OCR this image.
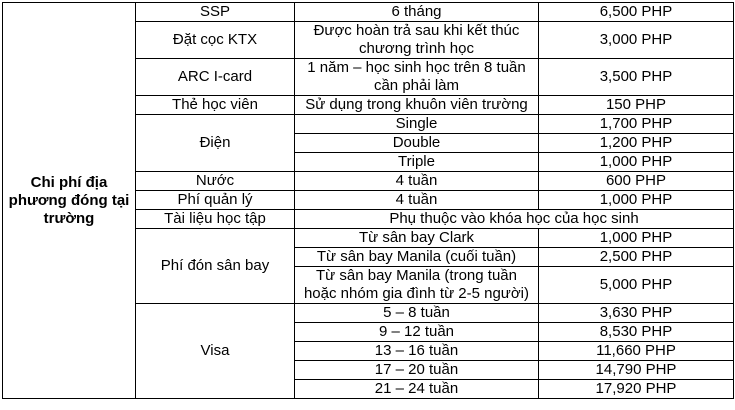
Chi phí địa phương đóng tại trường	SSP	6 tháng	6,500 PHP
	Đặt cọc KTX	Được hoàn trả sau khi kết thúc chương trình học	3,000 PHP
	ARC I-card	1 năm – học sinh học trên 8 tuần cần phải làm	3,500 PHP
	Thẻ học viên	Sử dụng trong khuôn viên trường	150 PHP
	Điện	Single	1,700 PHP
		Double	1,200 PHP
		Triple	1,000 PHP
	Nước	4 tuần	600 PHP
	Phí quản lý	4 tuần	1,000 PHP
	Tài liệu học tập	Phụ thuộc vào khóa học của học sinh	
	Phí đón sân bay	Từ sân bay Clark	1,000 PHP
		Từ sân bay Manila (cuối tuần)	2,500 PHP
		Từ sân bay Manila (trong tuần hoặc nhóm gia đình từ 2-5 người)	5,000 PHP
	Visa	5 – 8 tuần	3,630 PHP
		9 – 12 tuần	8,530 PHP
		13 – 16 tuần	11,660 PHP
		17 – 20 tuần	14,790 PHP
		21 – 24 tuần	17,920 PHP
